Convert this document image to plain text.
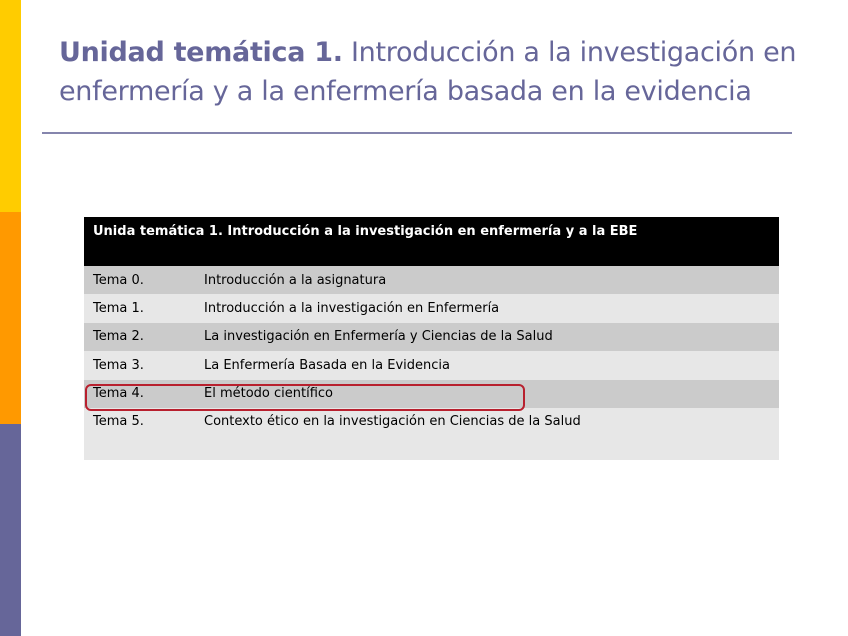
Unidad temática 1. Introducción a la investigación en enfermería y a la enfermería basada en la evidencia
Unida temática 1. Introducción a la investigación en enfermería y a la EBE
Tema 0.	Introducción a la asignatura
Tema 1.	Introducción a la investigación en Enfermería
Tema 2.	La investigación en Enfermería y Ciencias de la Salud
Tema 3.	La Enfermería Basada en la Evidencia
Tema 4.	El método científico
Tema 5.	Contexto ético en la investigación en Ciencias de la Salud
